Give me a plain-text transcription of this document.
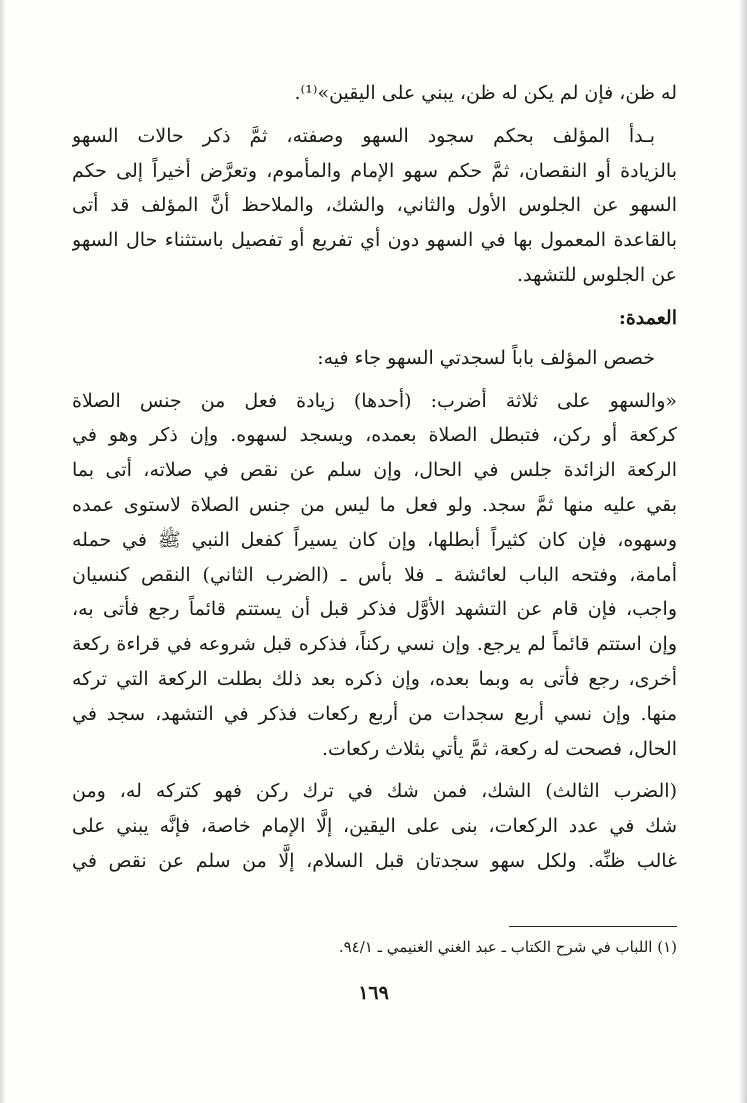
له ظن، فإن لم يكن له ظن، يبني على اليقين»⁽¹⁾.
بـدأ المؤلف بحكم سجود السهو وصفته، ثمَّ ذكر حالات السهو
بالزيادة أو النقصان، ثمَّ حكم سهو الإمام والمأموم، وتعرَّض أخيراً إلى حكم
السهو عن الجلوس الأول والثاني، والشك، والملاحظ أنَّ المؤلف قد أتى
بالقاعدة المعمول بها في السهو دون أي تفريع أو تفصيل باستثناء حال السهو
عن الجلوس للتشهد.
العمدة:
خصص المؤلف باباً لسجدتي السهو جاء فيه:
«والسهو على ثلاثة أضرب: (أحدها) زيادة فعل من جنس الصلاة
كركعة أو ركن، فتبطل الصلاة بعمده، ويسجد لسهوه. وإن ذكر وهو في
الركعة الزائدة جلس في الحال، وإن سلم عن نقص في صلاته، أتى بما
بقي عليه منها ثمَّ سجد. ولو فعل ما ليس من جنس الصلاة لاستوى عمده
وسهوه، فإن كان كثيراً أبطلها، وإن كان يسيراً كفعل النبي ﷺ في حمله
أمامة، وفتحه الباب لعائشة ـ فلا بأس ـ (الضرب الثاني) النقص كنسيان
واجب، فإن قام عن التشهد الأوَّل فذكر قبل أن يستتم قائماً رجع فأتى به،
وإن استتم قائماً لم يرجع. وإن نسي ركناً، فذكره قبل شروعه في قراءة ركعة
أخرى، رجع فأتى به وبما بعده، وإن ذكره بعد ذلك بطلت الركعة التي تركه
منها. وإن نسي أربع سجدات من أربع ركعات فذكر في التشهد، سجد في
الحال، فصحت له ركعة، ثمَّ يأتي بثلاث ركعات.
(الضرب الثالث) الشك، فمن شك في ترك ركن فهو كتركه له، ومن
شك في عدد الركعات، بنى على اليقين، إلَّا الإمام خاصة، فإنَّه يبني على
غالب ظنِّه. ولكل سهو سجدتان قبل السلام، إلَّا من سلم عن نقص في
(١) اللباب في شرح الكتاب ـ عبد الغني الغنيمي ـ ٩٤/١.
١٦٩
